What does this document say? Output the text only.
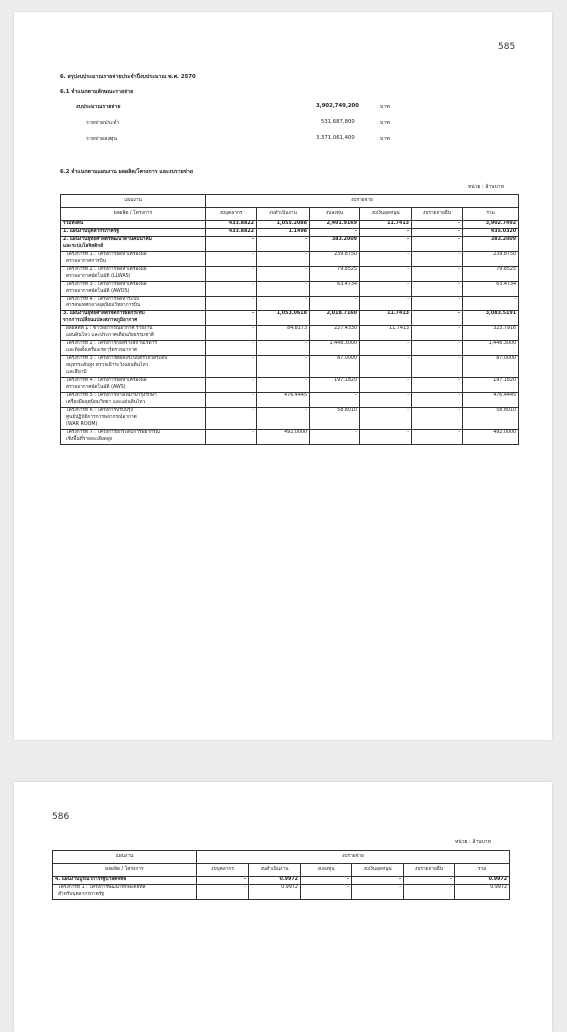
585
6. สรุปงบประมาณรายจ่ายประจำปีงบประมาณ พ.ศ. 2570
6.1 จำแนกตามลักษณะรายจ่าย
งบประมาณรายจ่าย	3,902,749,200	บาท
รายจ่ายประจำ	531,687,800	บาท
รายจ่ายลงทุน	3,371,061,400	บาท
6.2 จำแนกตามแผนงาน ผลผลิต/โครงการ และงบรายจ่าย
หน่วย : ล้านบาท
แผนงาน	งบรายจ่าย					
ผลผลิต / โครงการ	งบบุคลากร	งบดำเนินงาน	งบลงทุน	งบเงินอุดหนุน	งบรายจ่ายอื่น	รวม

รวมทั้งสิ้น	433.8822	1,055.2088	2,401.9169	11.7413	-	3,902.7492

1. แผนงานบุคลากรภาครัฐ	433.8822	1.1498	-	-	-	435.0320

2. แผนงานยุทธศาสตร์พัฒนาด้านคมนาคม
และระบบโลจิสติกส์	-	-	383.2009	-	-	383.2009

โครงการที่ 1 : โครงการจัดหาเครื่องมือ
ตรวจอากาศการบิน	-	-	239.8750	-	-	239.8750

โครงการที่ 2 : โครงการจัดหาเครื่องมือ
ตรวจอากาศอัตโนมัติ (LLWAS)	-	-	79.8525	-	-	79.8525

โครงการที่ 3 : โครงการจัดหาเครื่องมือ
ตรวจอากาศอัตโนมัติ (AWOS)	-	-	63.4734	-	-	63.4734

โครงการที่ 4 : โครงการจัดหาระบบ
สารสนเทศกลางอุตุนิยมวิทยาการบิน	-	-	-	-	-	-

3. แผนงานยุทธศาสตร์จัดการผลกระทบ
จากการเปลี่ยนแปลงสภาพภูมิอากาศ	-	1,053.0618	2,018.7160	11.7413	-	3,083.5191

ผลผลิตที่ 1 : ข่าวพยากรณ์อากาศ รายงาน
แผ่นดินไหว และประกาศเตือนภัยธรรมชาติ	-	84.8173	227.4330	11.7413	-	323.7916

โครงการที่ 2 : โครงการก่อสร้างสถานีเรดาร์
และติดตั้งเครื่องเรดาร์ตรวจอากาศ	-	-	1,448.3000	-	-	1,448.3000

โครงการที่ 3 : โครงการติดตั้งระบบตรวจวัดระดับ
สมุทรระดับสูง ตรวจเฝ้าระวังแผ่นดินไหว
และสึนามิ	-	-	87.0000	-	-	87.0000

โครงการที่ 4 : โครงการจัดหาเครื่องมือ
ตรวจอากาศอัตโนมัติ (AWS)	-	-	197.1820	-	-	197.1820

โครงการที่ 5 : โครงการจ้างเหมาบำรุงรักษา
เครื่องมืออุตุนิยมวิทยา และแผ่นดินไหว	-	476.4445	-	-	-	476.4445

โครงการที่ 6 : โครงการปรับปรุง
ศูนย์ปฏิบัติการการพยากรณ์อากาศ
(WAR ROOM)	-	-	58.8010	-	-	58.8010

โครงการที่ 7 : โครงการยกระดับการพยากรณ์
เชิงพื้นที่รายละเอียดสูง	-	492.0000	-	-	-	492.0000
586
หน่วย : ล้านบาท
แผนงาน	งบรายจ่าย					
ผลผลิต / โครงการ	งบบุคลากร	งบดำเนินงาน	งบลงทุน	งบเงินอุดหนุน	งบรายจ่ายอื่น	รวม

4. แผนงานบูรณาการรัฐบาลดิจิทัล	-	0.9972	-	-	-	0.9972

โครงการที่ 1 : โครงการพัฒนาทักษะดิจิทัล
สำหรับบุคลากรภาครัฐ	-	0.9972	-	-	-	0.9972
